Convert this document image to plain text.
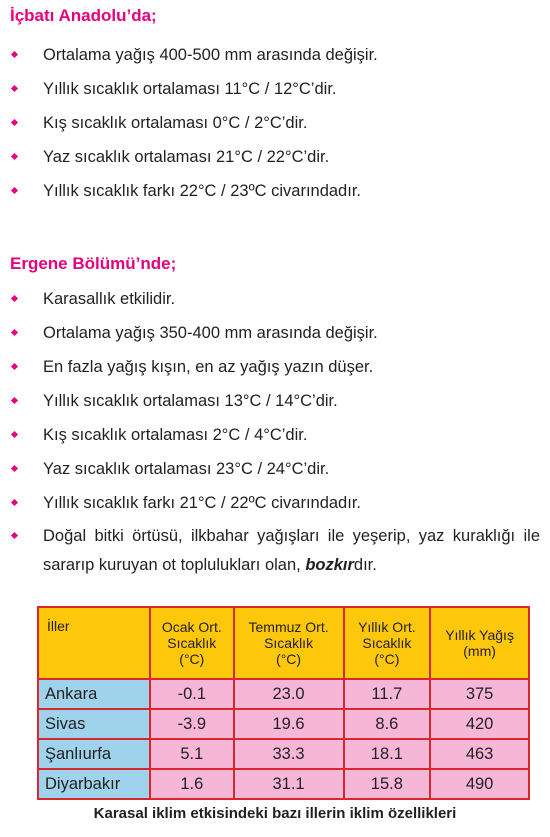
İçbatı Anadolu’da;
Ortalama yağış 400-500 mm arasında değişir.
Yıllık sıcaklık ortalaması 11°C / 12°C’dir.
Kış sıcaklık ortalaması 0°C / 2°C’dir.
Yaz sıcaklık ortalaması 21°C / 22°C’dir.
Yıllık sıcaklık farkı 22°C / 23ºC civarındadır.
Ergene Bölümü’nde;
Karasallık etkilidir.
Ortalama yağış 350-400 mm arasında değişir.
En fazla yağış kışın, en az yağış yazın düşer.
Yıllık sıcaklık ortalaması 13°C / 14°C’dir.
Kış sıcaklık ortalaması 2°C / 4°C’dir.
Yaz sıcaklık ortalaması 23°C / 24°C’dir.
Yıllık sıcaklık farkı 21°C / 22ºC civarındadır.
Doğal bitki örtüsü, ilkbahar yağışları ile yeşerip, yaz kuraklığı ile sararıp kuruyan ot toplulukları olan, bozkırdır.
İller	Ocak Ort.
Sıcaklık
(°C)	Temmuz Ort.
Sıcaklık
(°C)	Yıllık Ort.
Sıcaklık
(°C)	Yıllık Yağış
(mm)
Ankara	-0.1	23.0	11.7	375
Sivas	-3.9	19.6	8.6	420
Şanlıurfa	5.1	33.3	18.1	463
Diyarbakır	1.6	31.1	15.8	490
Karasal iklim etkisindeki bazı illerin iklim özellikleri
